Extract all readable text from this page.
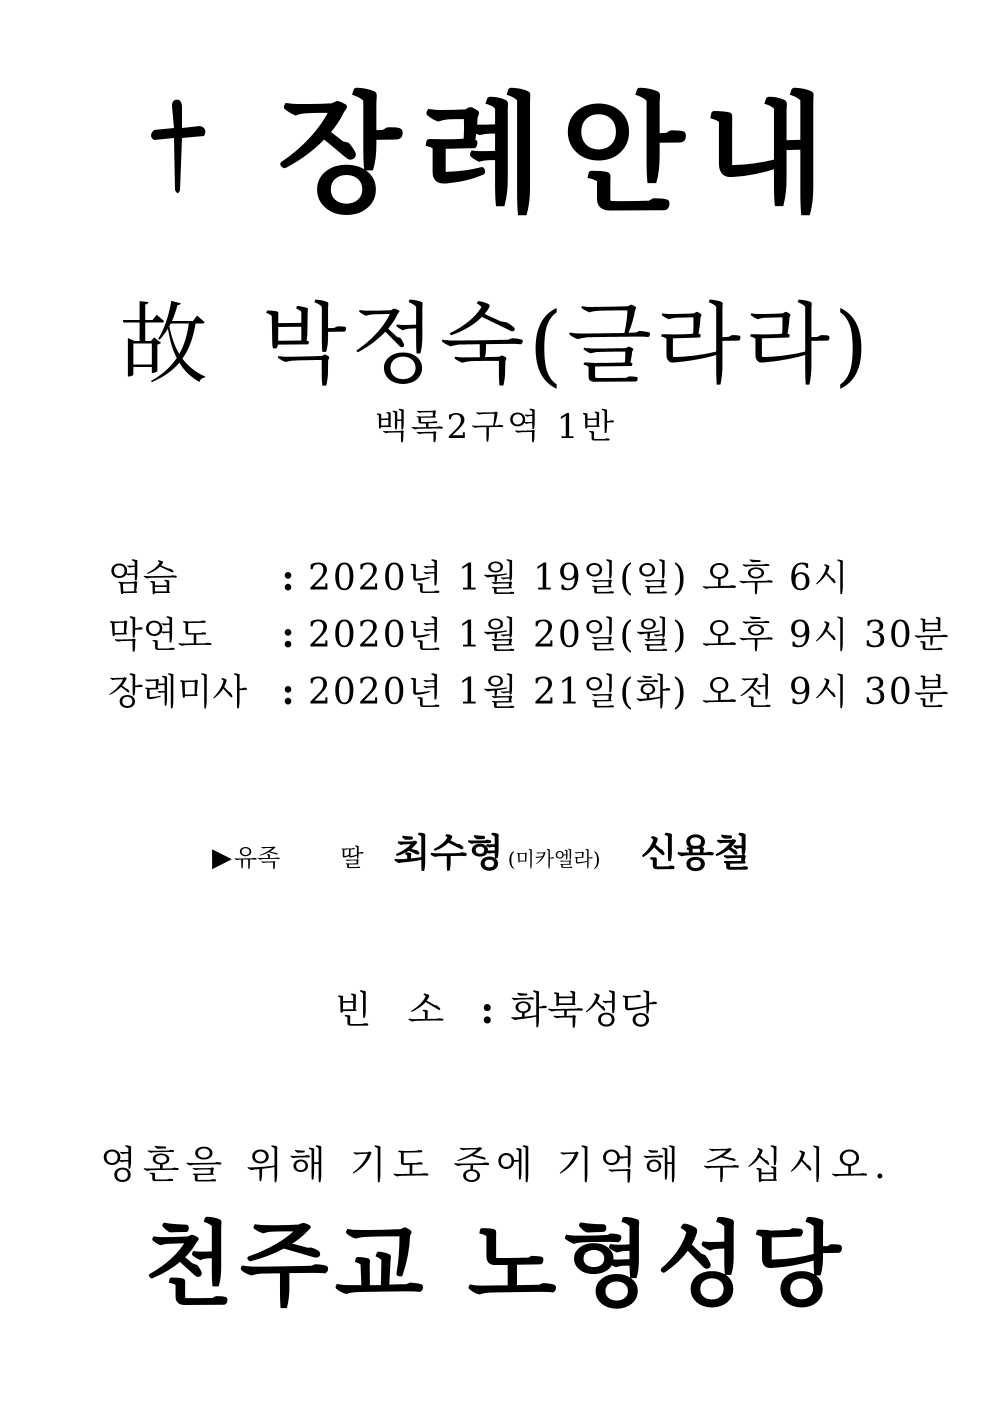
장례안내
故 박정숙(글라라)
백록2구역 1반
염습	: 2020년 1월 19일(일) 오후 6시
막연도	: 2020년 1월 20일(월) 오후 9시 30분
장례미사 : 2020년 1월 21일(화) 오전 9시 30분
▶ 유족	딸 최수형 (미카엘라) 신용철
빈소: 화북성당
영혼을 위해 기도 중에 기억해 주십시오.
천주교 노형성당
